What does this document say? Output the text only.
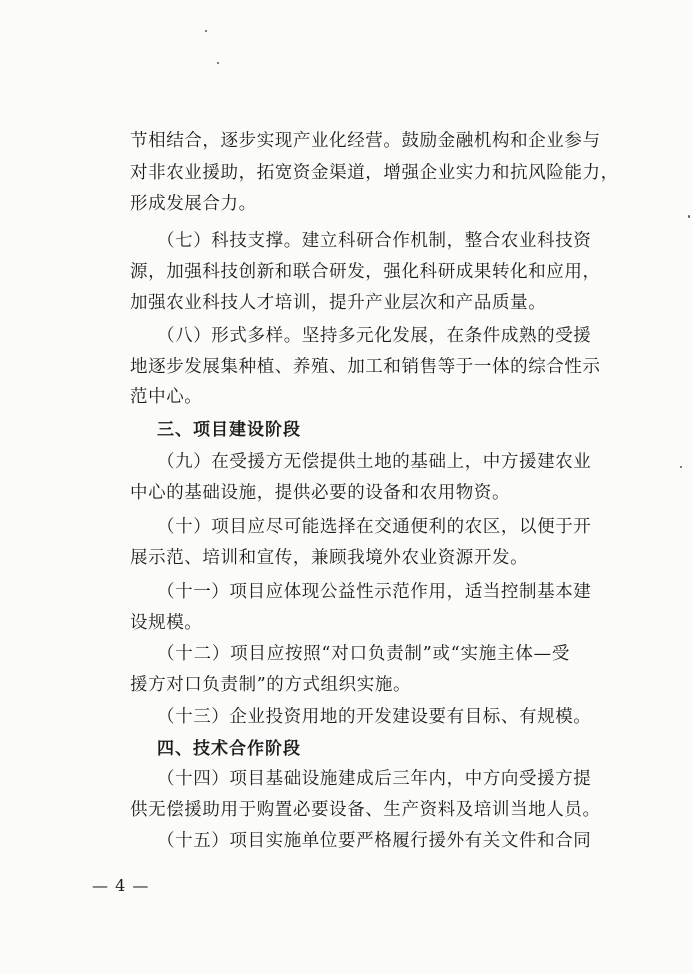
节相结合，逐步实现产业化经营。鼓励金融机构和企业参与
对非农业援助，拓宽资金渠道，增强企业实力和抗风险能力，
形成发展合力。
（七）科技支撑。建立科研合作机制，整合农业科技资
源，加强科技创新和联合研发，强化科研成果转化和应用，
加强农业科技人才培训，提升产业层次和产品质量。
（八）形式多样。坚持多元化发展，在条件成熟的受援
地逐步发展集种植、养殖、加工和销售等于一体的综合性示
范中心。
三、项目建设阶段
（九）在受援方无偿提供土地的基础上，中方援建农业
中心的基础设施，提供必要的设备和农用物资。
（十）项目应尽可能选择在交通便利的农区，以便于开
展示范、培训和宣传，兼顾我境外农业资源开发。
（十一）项目应体现公益性示范作用，适当控制基本建
设规模。
（十二）项目应按照“对口负责制”或“实施主体—受
援方对口负责制”的方式组织实施。
（十三）企业投资用地的开发建设要有目标、有规模。
四、技术合作阶段
（十四）项目基础设施建成后三年内，中方向受援方提
供无偿援助用于购置必要设备、生产资料及培训当地人员。
（十五）项目实施单位要严格履行援外有关文件和合同
— 4 —
